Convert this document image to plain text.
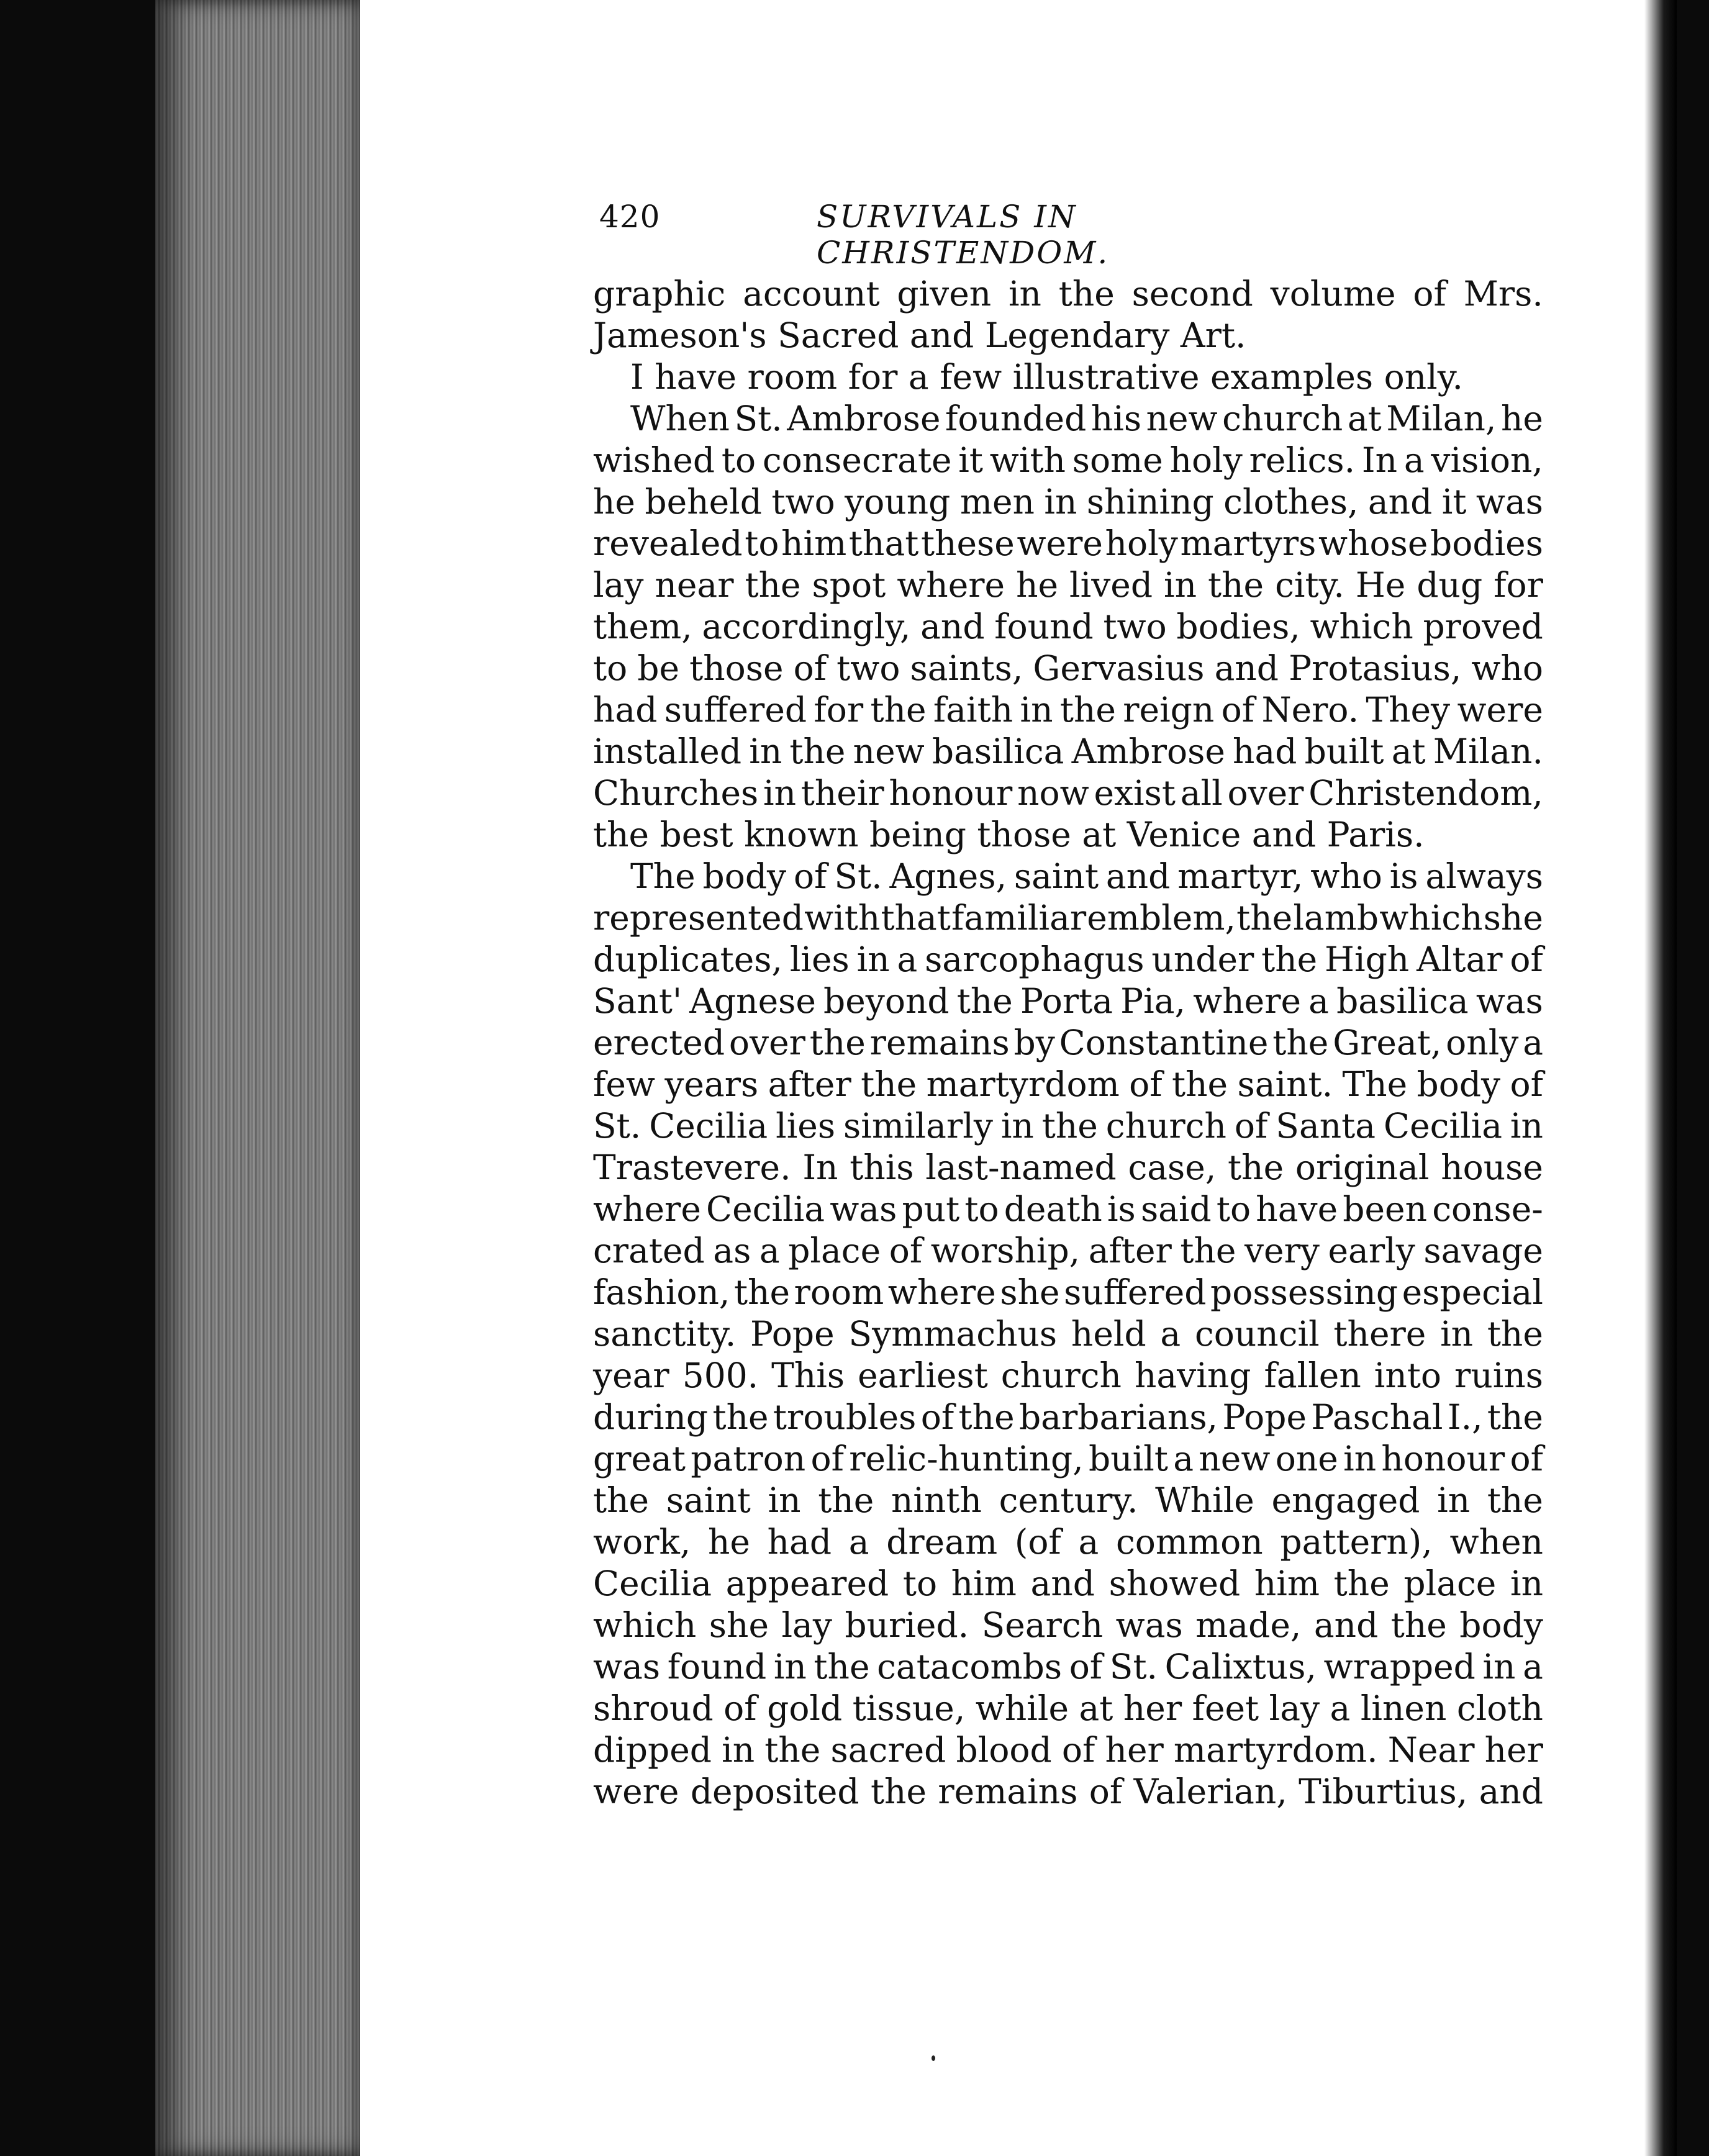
420	SURVIVALS IN CHRISTENDOM.
graphic account given in the second volume of Mrs.
Jameson's Sacred and Legendary Art.
I have room for a few illustrative examples only.
When St. Ambrose founded his new church at Milan, he
wished to consecrate it with some holy relics. In a vision,
he beheld two young men in shining clothes, and it was
revealed to him that these were holy martyrs whose bodies
lay near the spot where he lived in the city. He dug for
them, accordingly, and found two bodies, which proved
to be those of two saints, Gervasius and Protasius, who
had suffered for the faith in the reign of Nero. They were
installed in the new basilica Ambrose had built at Milan.
Churches in their honour now exist all over Christendom,
the best known being those at Venice and Paris.
The body of St. Agnes, saint and martyr, who is always
represented with that familiar emblem, the lamb which she
duplicates, lies in a sarcophagus under the High Altar of
Sant' Agnese beyond the Porta Pia, where a basilica was
erected over the remains by Constantine the Great, only a
few years after the martyrdom of the saint. The body of
St. Cecilia lies similarly in the church of Santa Cecilia in
Trastevere. In this last-named case, the original house
where Cecilia was put to death is said to have been conse-
crated as a place of worship, after the very early savage
fashion, the room where she suffered possessing especial
sanctity. Pope Symmachus held a council there in the
year 500. This earliest church having fallen into ruins
during the troubles of the barbarians, Pope Paschal I., the
great patron of relic-hunting, built a new one in honour of
the saint in the ninth century. While engaged in the
work, he had a dream (of a common pattern), when
Cecilia appeared to him and showed him the place in
which she lay buried. Search was made, and the body
was found in the catacombs of St. Calixtus, wrapped in a
shroud of gold tissue, while at her feet lay a linen cloth
dipped in the sacred blood of her martyrdom. Near her
were deposited the remains of Valerian, Tiburtius, and
